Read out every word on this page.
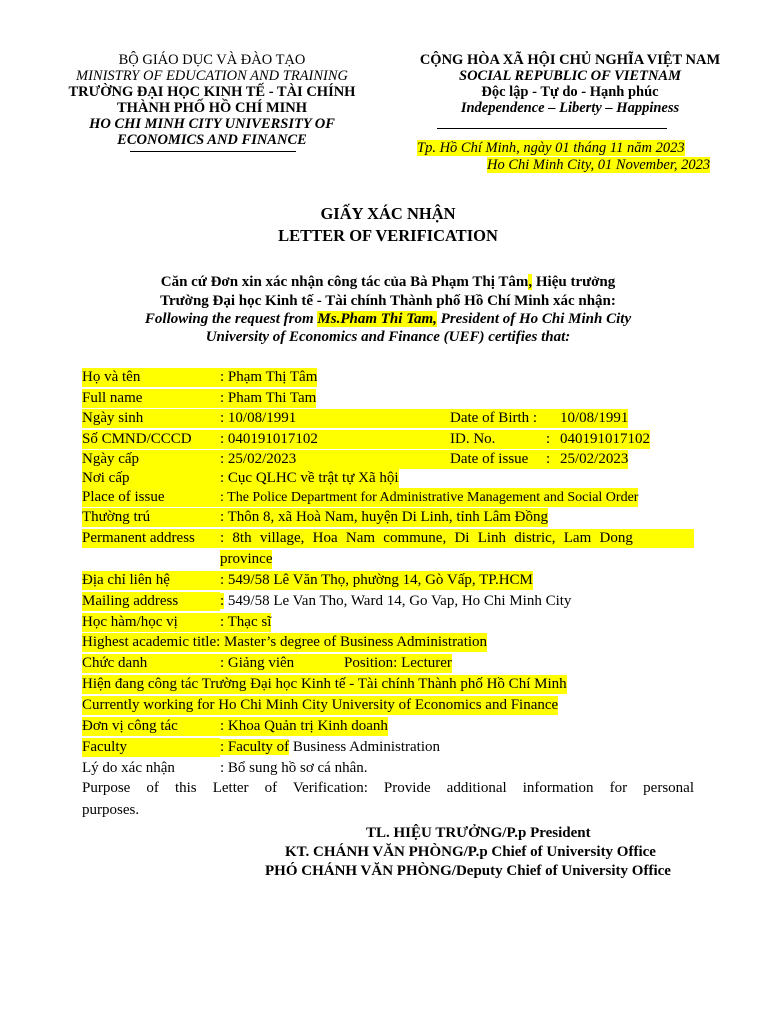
BỘ GIÁO DỤC VÀ ĐÀO TẠO
MINISTRY OF EDUCATION AND TRAINING
TRƯỜNG ĐẠI HỌC KINH TẾ - TÀI CHÍNH
THÀNH PHỐ HỒ CHÍ MINH
HO CHI MINH CITY UNIVERSITY OF
ECONOMICS AND FINANCE
CỘNG HÒA XÃ HỘI CHỦ NGHĨA VIỆT NAM
SOCIAL REPUBLIC OF VIETNAM
Độc lập - Tự do - Hạnh phúc
Independence – Liberty – Happiness
Tp. Hồ Chí Minh, ngày 01 tháng 11 năm 2023
Ho Chi Minh City, 01 November, 2023
GIẤY XÁC NHẬN
LETTER OF VERIFICATION
Căn cứ Đơn xin xác nhận công tác của Bà Phạm Thị Tâm, Hiệu trưởng
Trường Đại học Kinh tế - Tài chính Thành phố Hồ Chí Minh xác nhận:
Following the request from Ms.Pham Thi Tam, President of Ho Chi Minh City
University of Economics and Finance (UEF) certifies that:
Họ và tên	: Phạm Thị Tâm
Full name	: Pham Thi Tam
Ngày sinh	: 10/08/1991	Date of Birth :	10/08/1991
Số CMND/CCCD	: 040191017102	ID. No.	: 040191017102
Ngày cấp	: 25/02/2023	Date of issue	: 25/02/2023
Nơi cấp	: Cục QLHC về trật tự Xã hội
Place of issue	: The Police Department for Administrative Management and Social Order
Thường trú	: Thôn 8, xã Hoà Nam, huyện Di Linh, tỉnh Lâm Đồng
Permanent address	: 8th village, Hoa Nam commune, Di Linh distric, Lam Dong
province
Địa chỉ liên hệ	: 549/58 Lê Văn Thọ, phường 14, Gò Vấp, TP.HCM
Mailing address	: 549/58 Le Van Tho, Ward 14, Go Vap, Ho Chi Minh City
Học hàm/học vị	: Thạc sĩ
Highest academic title: Master’s degree of Business Administration
Chức danh	: Giảng viên	Position: Lecturer
Hiện đang công tác Trường Đại học Kinh tế - Tài chính Thành phố Hồ Chí Minh
Currently working for Ho Chi Minh City University of Economics and Finance
Đơn vị công tác	: Khoa Quản trị Kinh doanh
Faculty	: Faculty of Business Administration
Lý do xác nhận	: Bổ sung hồ sơ cá nhân.
Purpose of this Letter of Verification: Provide additional information for personal
purposes.
TL. HIỆU TRƯỞNG/P.p President
KT. CHÁNH VĂN PHÒNG/P.p Chief of University Office
PHÓ CHÁNH VĂN PHÒNG/Deputy Chief of University Office
